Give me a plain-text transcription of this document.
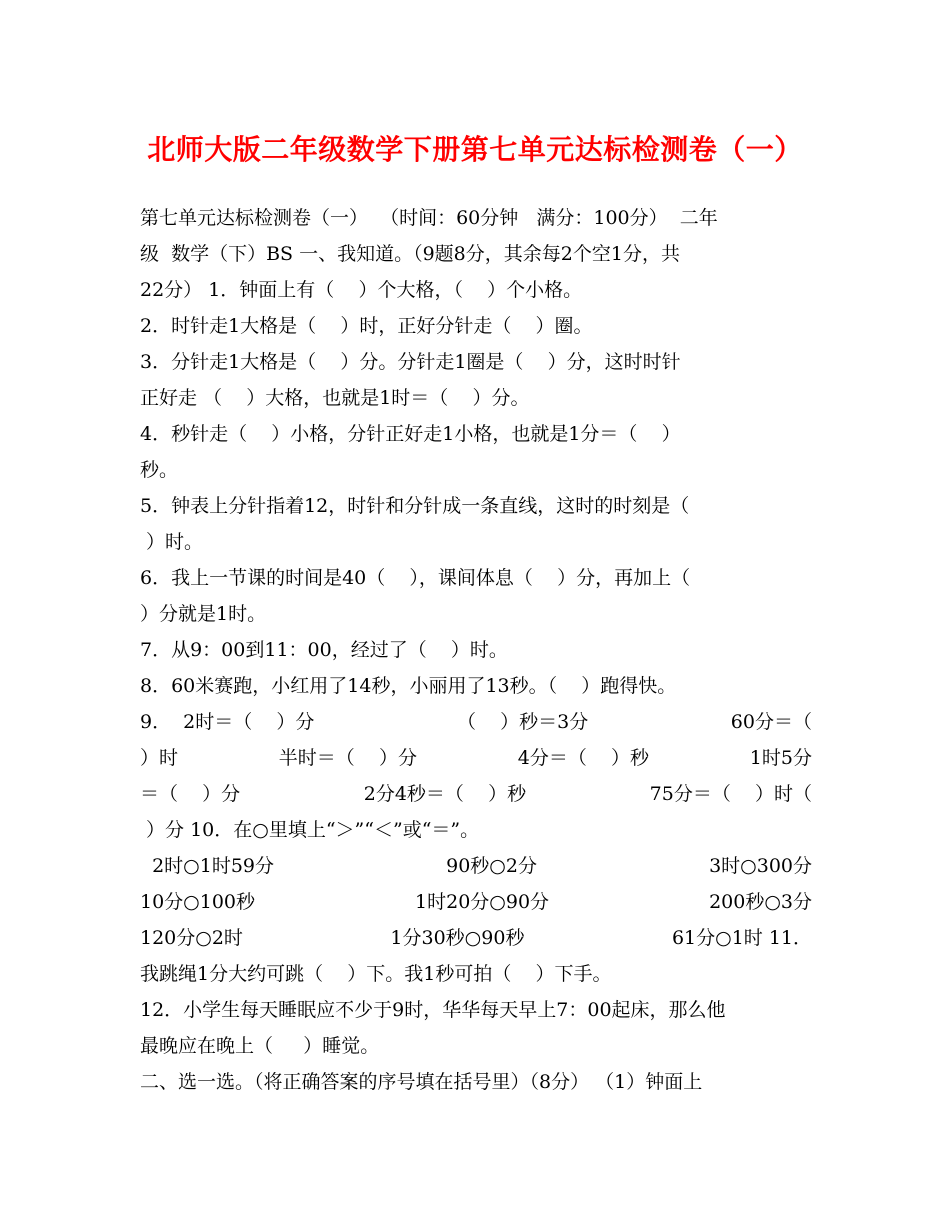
北师大版二年级数学下册第七单元达标检测卷（一）
第七单元达标检测卷（一）  （时间：60分钟   满分：100分）  二年
级  数学（下）BS 一、我知道。（9题8分，其余每2个空1分，共
22分） 1．钟面上有（    ）个大格，（    ）个小格。
2．时针走1大格是（    ）时，正好分针走（    ）圈。
3．分针走1大格是（    ）分。分针走1圈是（    ）分，这时时针
正好走 （    ）大格，也就是1时＝（    ）分。
4．秒针走（    ）小格，分针正好走1小格，也就是1分＝（    ）
秒。
5．钟表上分针指着12，时针和分针成一条直线，这时的时刻是（
）时。
6．我上一节课的时间是40（    ），课间体息（    ）分，再加上（
）分就是1时。
7．从9：00到11：00，经过了（    ）时。
8．60米赛跑，小红用了14秒，小丽用了13秒。（    ）跑得快。
9．  2时＝（    ）分	（    ）秒＝3分	60分＝（
）时	半时＝（    ）分	4分＝（    ）秒	1时5分
＝（    ）分	2分4秒＝（    ）秒	75分＝（    ）时（
）分 10．在○里填上“＞”“＜”或“＝”。
2时○1时59分	90秒○2分	3时○300分
10分○100秒	1时20分○90分	200秒○3分
120分○2时	1分30秒○90秒	61分○1时 11．
我跳绳1分大约可跳（    ）下。我1秒可拍（    ）下手。
12．小学生每天睡眠应不少于9时，华华每天早上7：00起床，那么他
最晚应在晚上（     ）睡觉。
二、选一选。（将正确答案的序号填在括号里）（8分） （1）钟面上
